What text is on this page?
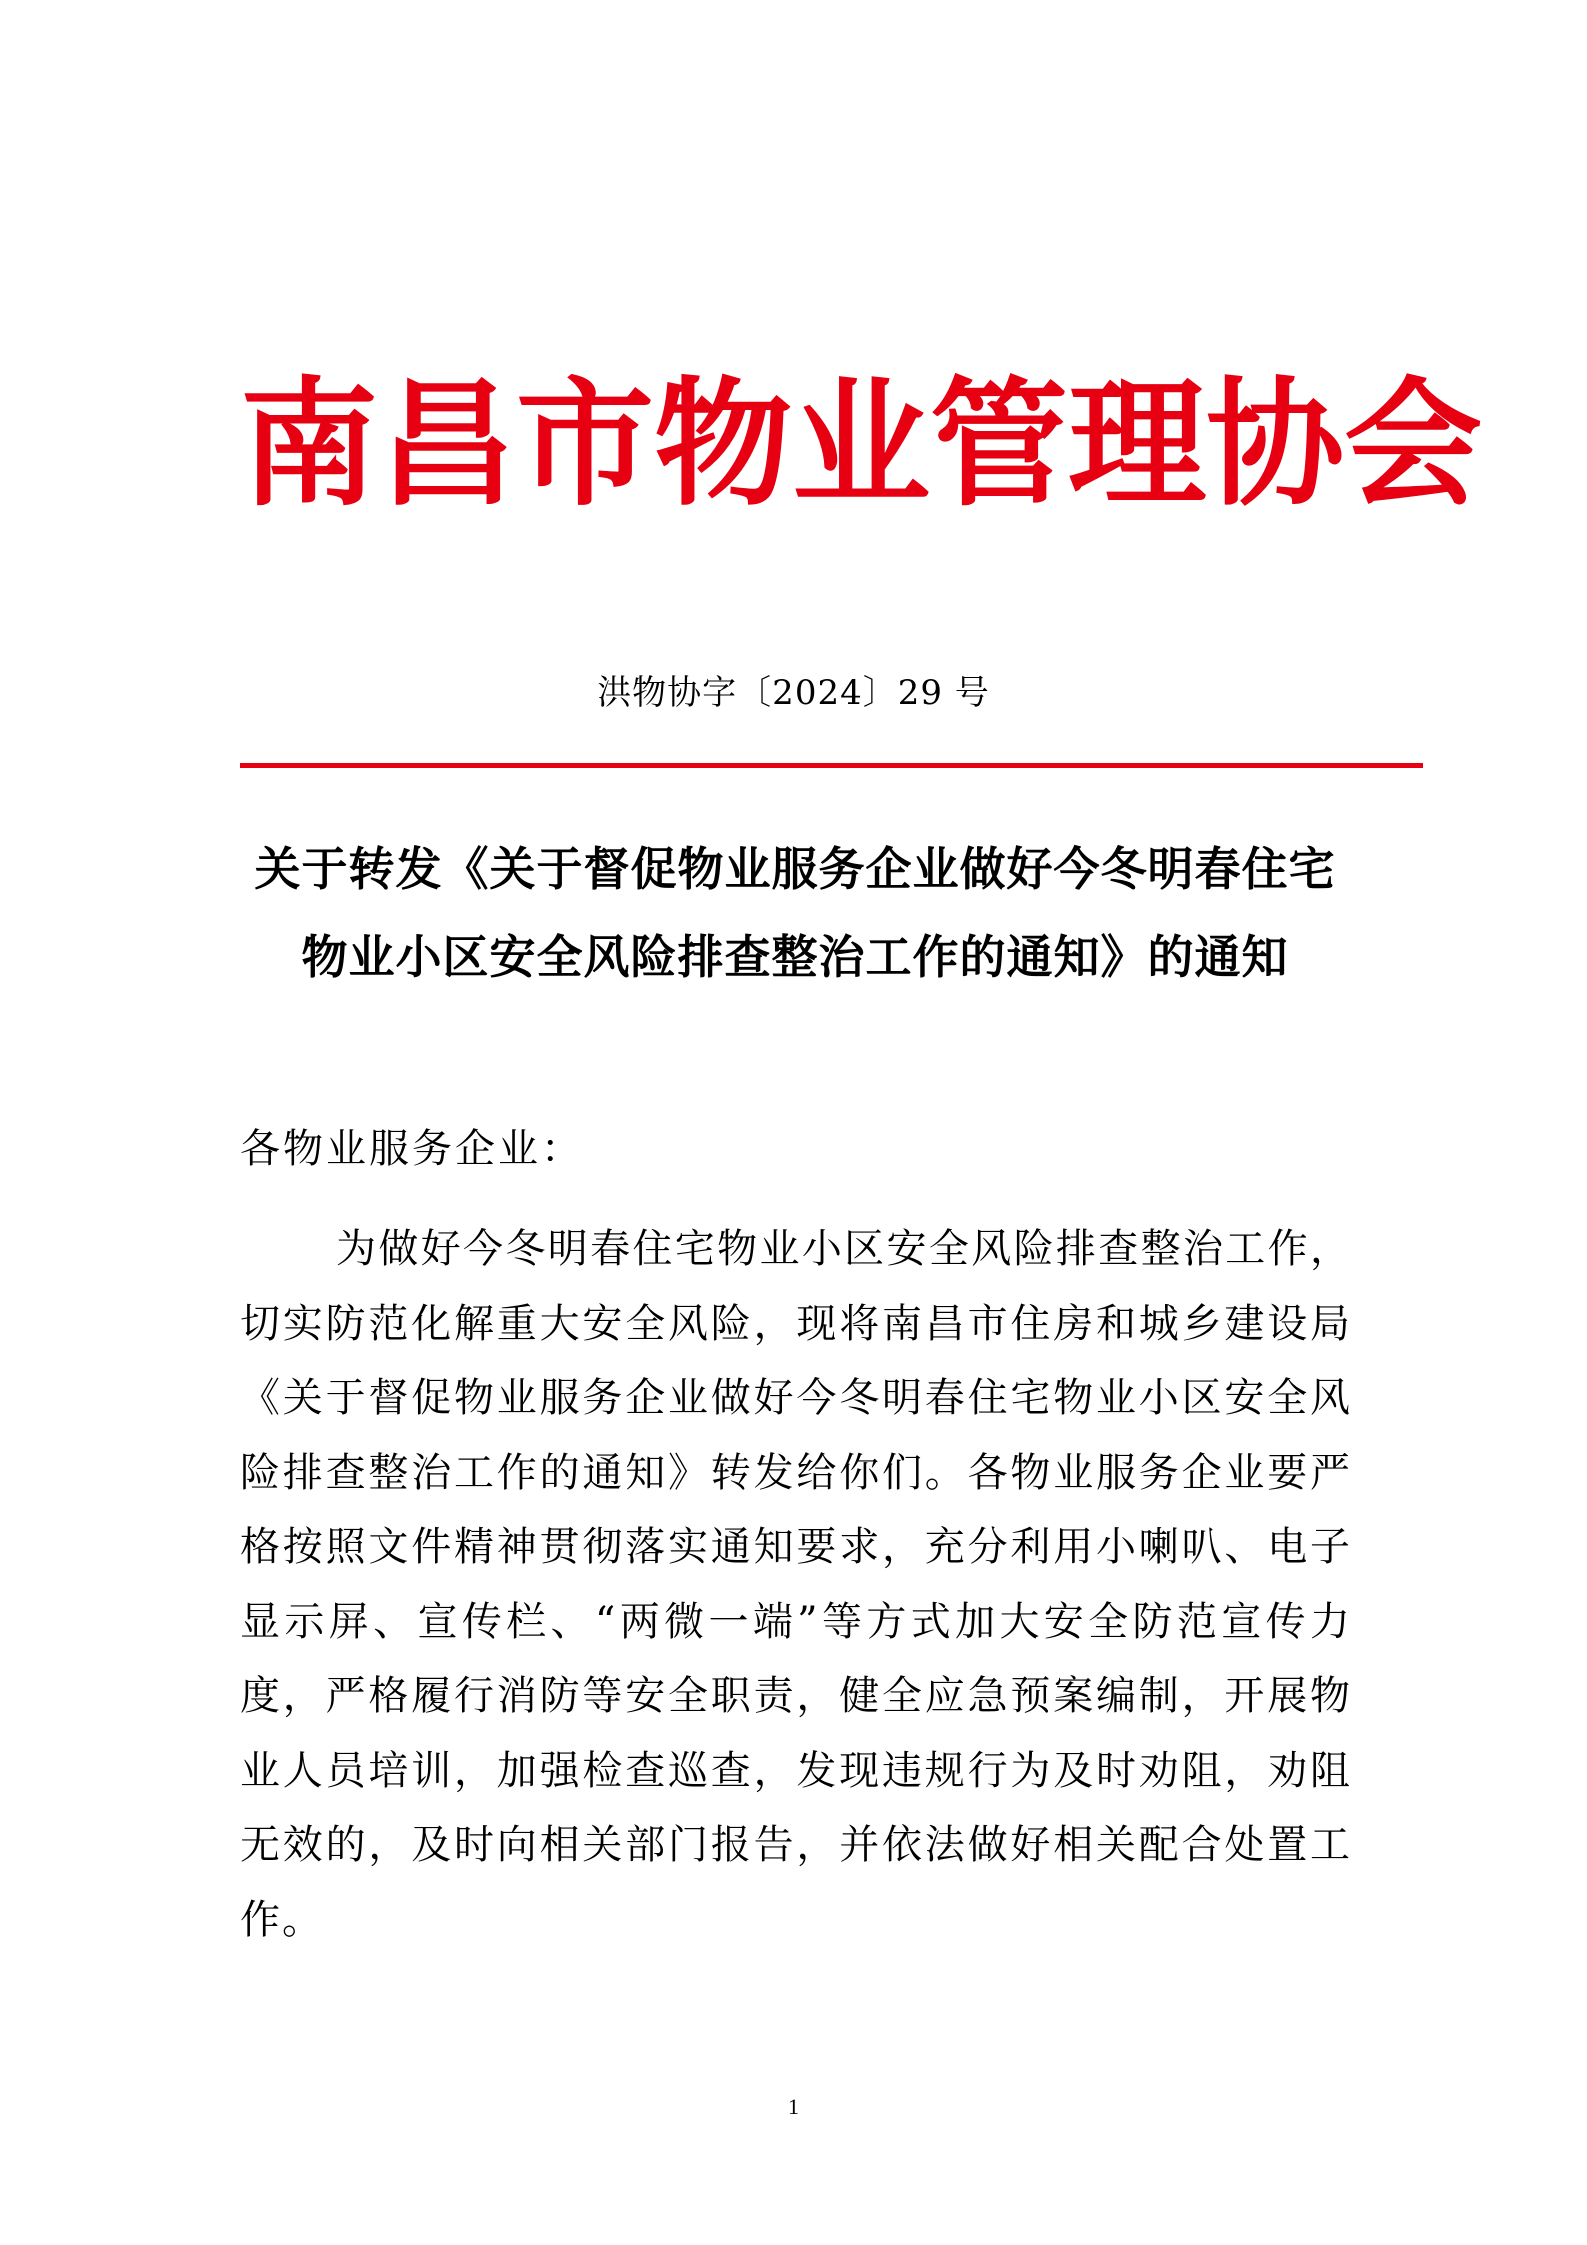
南 昌 市 物 业 管 理 协 会
洪物协字〔2024〕29 号
关于转发《关于督促物业服务企业做好今冬明春住宅
物业小区安全风险排查整治工作的通知》的通知
各物业服务企业：

为做好今冬明春住宅物业小区安全风险排查整治工作，切实防范化解重大安全风险，现将南昌市住房和城乡建设局《关于督促物业服务企业做好今冬明春住宅物业小区安全风险排查整治工作的通知》转发给你们。各物业服务企业要严格按照文件精神贯彻落实通知要求，充分利用小喇叭、电子显示屏、宣传栏、“两微一端”等方式加大安全防范宣传力度，严格履行消防等安全职责，健全应急预案编制，开展物业人员培训，加强检查巡查，发现违规行为及时劝阻，劝阻无效的，及时向相关部门报告，并依法做好相关配合处置工作。

1
